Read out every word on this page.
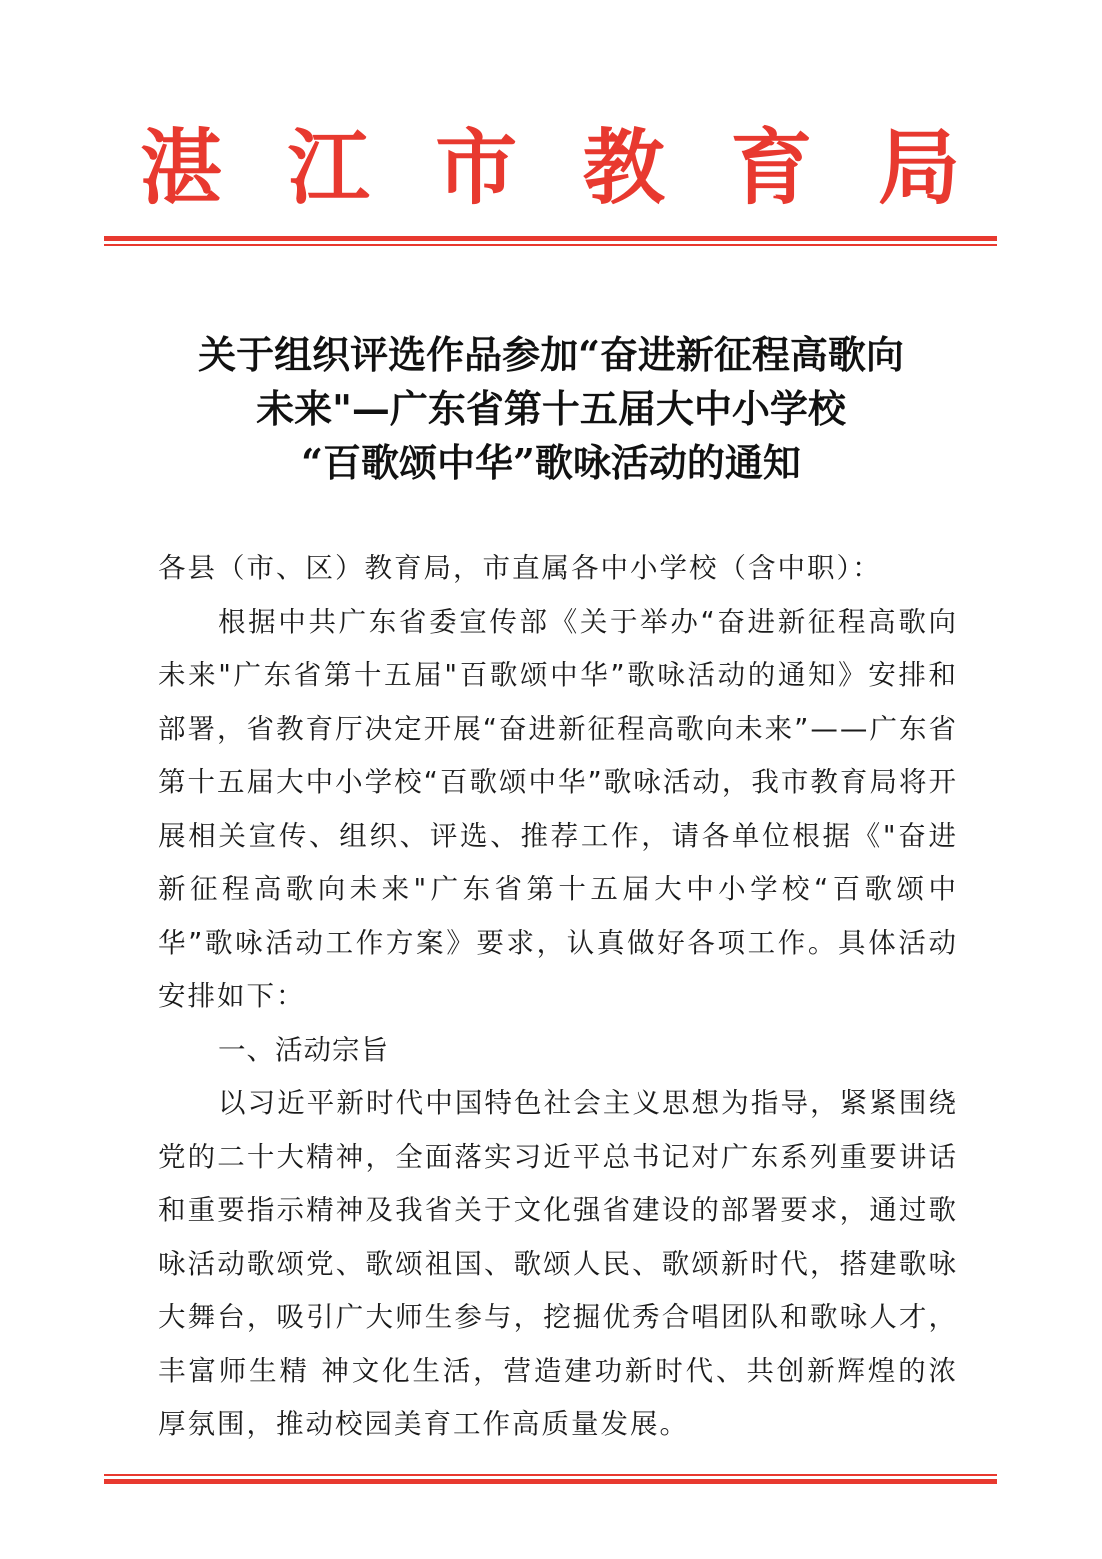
湛 江 市 教 育 局
关于组织评选作品参加“奋进新征程高歌向
未来"—广东省第十五届大中小学校
“百歌颂中华”歌咏活动的通知

各县（市、区）教育局，市直属各中小学校（含中职）：

根据中共广东省委宣传部《关于举办“奋进新征程高歌向未来"广东省第十五届"百歌颂中华”歌咏活动的通知》安排和部署，省教育厅决定开展“奋进新征程高歌向未来”——广东省第十五届大中小学校“百歌颂中华”歌咏活动，我市教育局将开展相关宣传、组织、评选、推荐工作，请各单位根据《"奋进新征程高歌向未来"广东省第十五届大中小学校“百歌颂中华”歌咏活动工作方案》要求，认真做好各项工作。具体活动安排如下：

一、活动宗旨

以习近平新时代中国特色社会主义思想为指导，紧紧围绕党的二十大精神，全面落实习近平总书记对广东系列重要讲话和重要指示精神及我省关于文化强省建设的部署要求，通过歌咏活动歌颂党、歌颂祖国、歌颂人民、歌颂新时代，搭建歌咏大舞台，吸引广大师生参与，挖掘优秀合唱团队和歌咏人才，丰富师生精 神文化生活，营造建功新时代、共创新辉煌的浓厚氛围，推动校园美育工作高质量发展。
